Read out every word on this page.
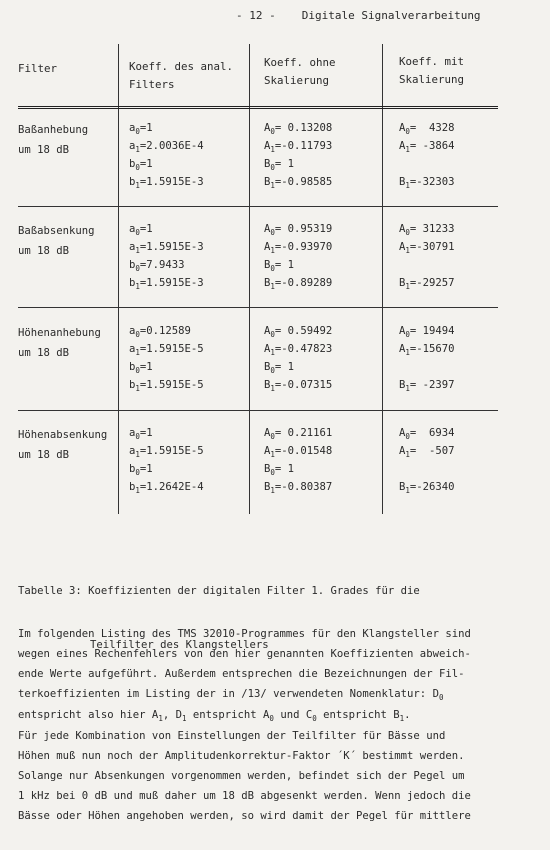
- 12 - Digitale Signalverarbeitung
Filter	Koeff. des anal.
Filters
Koeff. ohne
Skalierung
Koeff. mit
Skalierung
Baßanhebung
um 18 dB
$a_0=1$
$a_1=2.0036E-4$
$b_0=1$
$b_1=1.5915E-3$
$A_0= 0.13208$
$A_1=-0.11793$
$B_0= 1$
$B_1=-0.98585$
$A_0= 4328$
$A_1= -3864$
$B_1=-32303$
Baßabsenkung
um 18 dB
$a_0=1$
$a_1=1.5915E-3$
$b_0=7.9433$
$b_1=1.5915E-3$
$A_0= 0.95319$
$A_1=-0.93970$
$B_0= 1$
$B_1=-0.89289$
$A_0= 31233$
$A_1=-30791$
$B_1=-29257$
Höhenanhebung
um 18 dB
$a_0=0.12589$
$a_1=1.5915E-5$
$b_0=1$
$b_1=1.5915E-5$
$A_0= 0.59492$
$A_1=-0.47823$
$B_0= 1$
$B_1=-0.07315$
$A_0= 19494$
$A_1=-15670$
$B_1= -2397$
Höhenabsenkung
um 18 dB
$a_0=1$
$a_1=1.5915E-5$
$b_0=1$
$b_1=1.2642E-4$
$A_0= 0.21161$
$A_1=-0.01548$
$B_0= 1$
$B_1=-0.80387$
$A_0= 6934$
$A_1= -507$
$B_1=-26340$

Tabelle 3: Koeffizienten der digitalen Filter 1. Grades für die

Teilfilter des Klangstellers

Im folgenden Listing des TMS 32010-Programmes für den Klangsteller sind
wegen eines Rechenfehlers von den hier genannten Koeffizienten abweich-
ende Werte aufgeführt. Außerdem entsprechen die Bezeichnungen der Fil-
terkoeffizienten im Listing der in /13/ verwendeten Nomenklatur: $D_0$
entspricht also hier $A_1$, $D_1$ entspricht $A_0$ und $C_0$ entspricht $B_1$.
Für jede Kombination von Einstellungen der Teilfilter für Bässe und
Höhen muß nun noch der Amplitudenkorrektur-Faktor ´K´ bestimmt werden.
Solange nur Absenkungen vorgenommen werden, befindet sich der Pegel um
1 kHz bei 0 dB und muß daher um 18 dB abgesenkt werden. Wenn jedoch die
Bässe oder Höhen angehoben werden, so wird damit der Pegel für mittlere
